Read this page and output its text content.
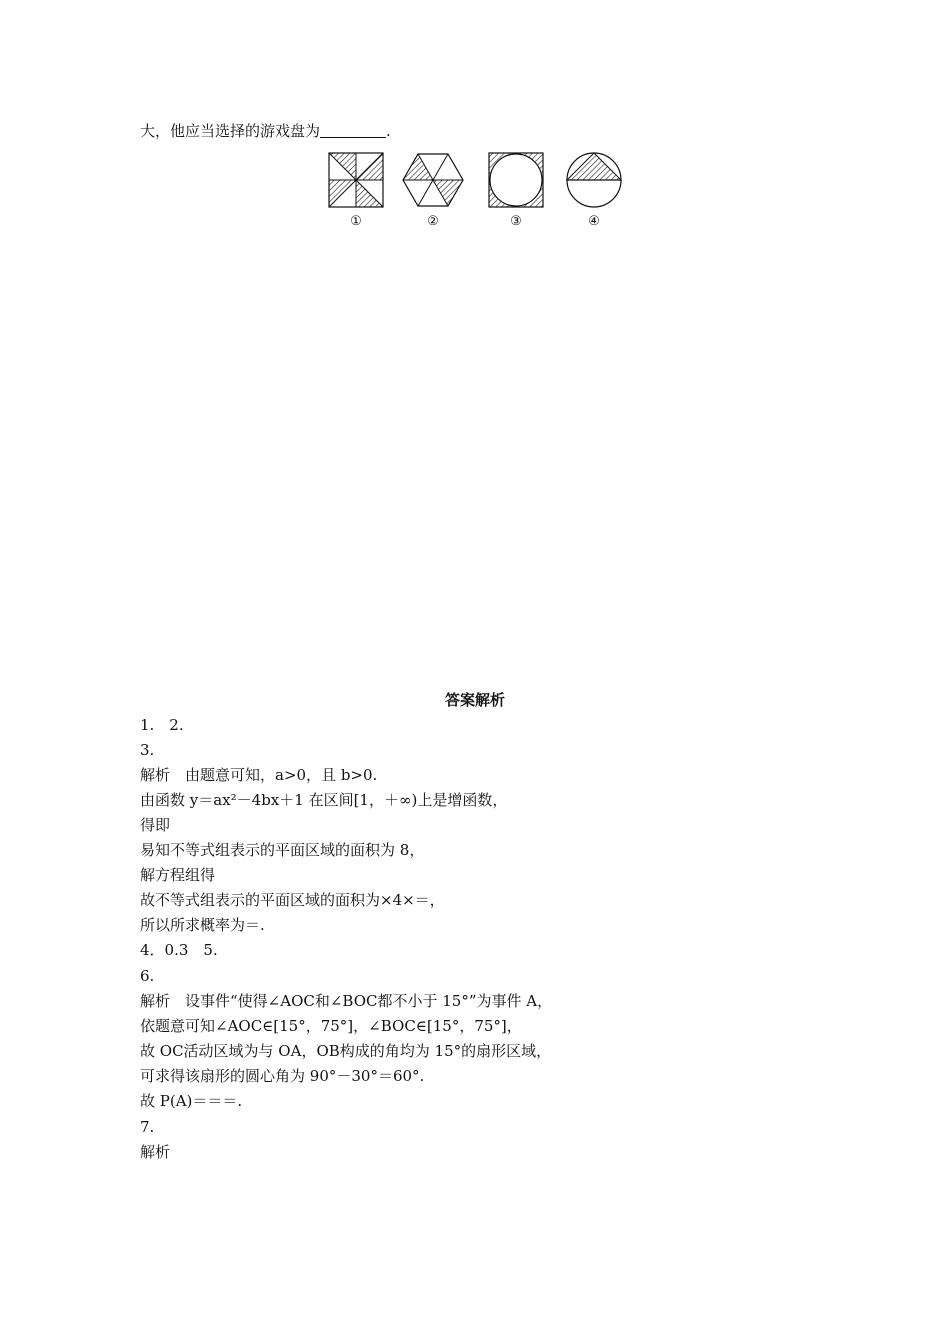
大，他应当选择的游戏盘为	.
①	②	③	④
答案解析
1.　2.
3.
解析　由题意可知，a>0，且 b>0.
由函数 y＝ax²－4bx＋1 在区间[1，＋∞)上是增函数，
得即
易知不等式组表示的平面区域的面积为 8，
解方程组得
故不等式组表示的平面区域的面积为×4×＝，
所以所求概率为＝.
4．0.3　5.
6.
解析　设事件“使得∠AOC和∠BOC都不小于 15°”为事件 A，
依题意可知∠AOC∈[15°，75°]，∠BOC∈[15°，75°]，
故 OC活动区域为与 OA，OB构成的角均为 15°的扇形区域，
可求得该扇形的圆心角为 90°－30°＝60°.
故 P(A)＝＝＝.
7.
解析
